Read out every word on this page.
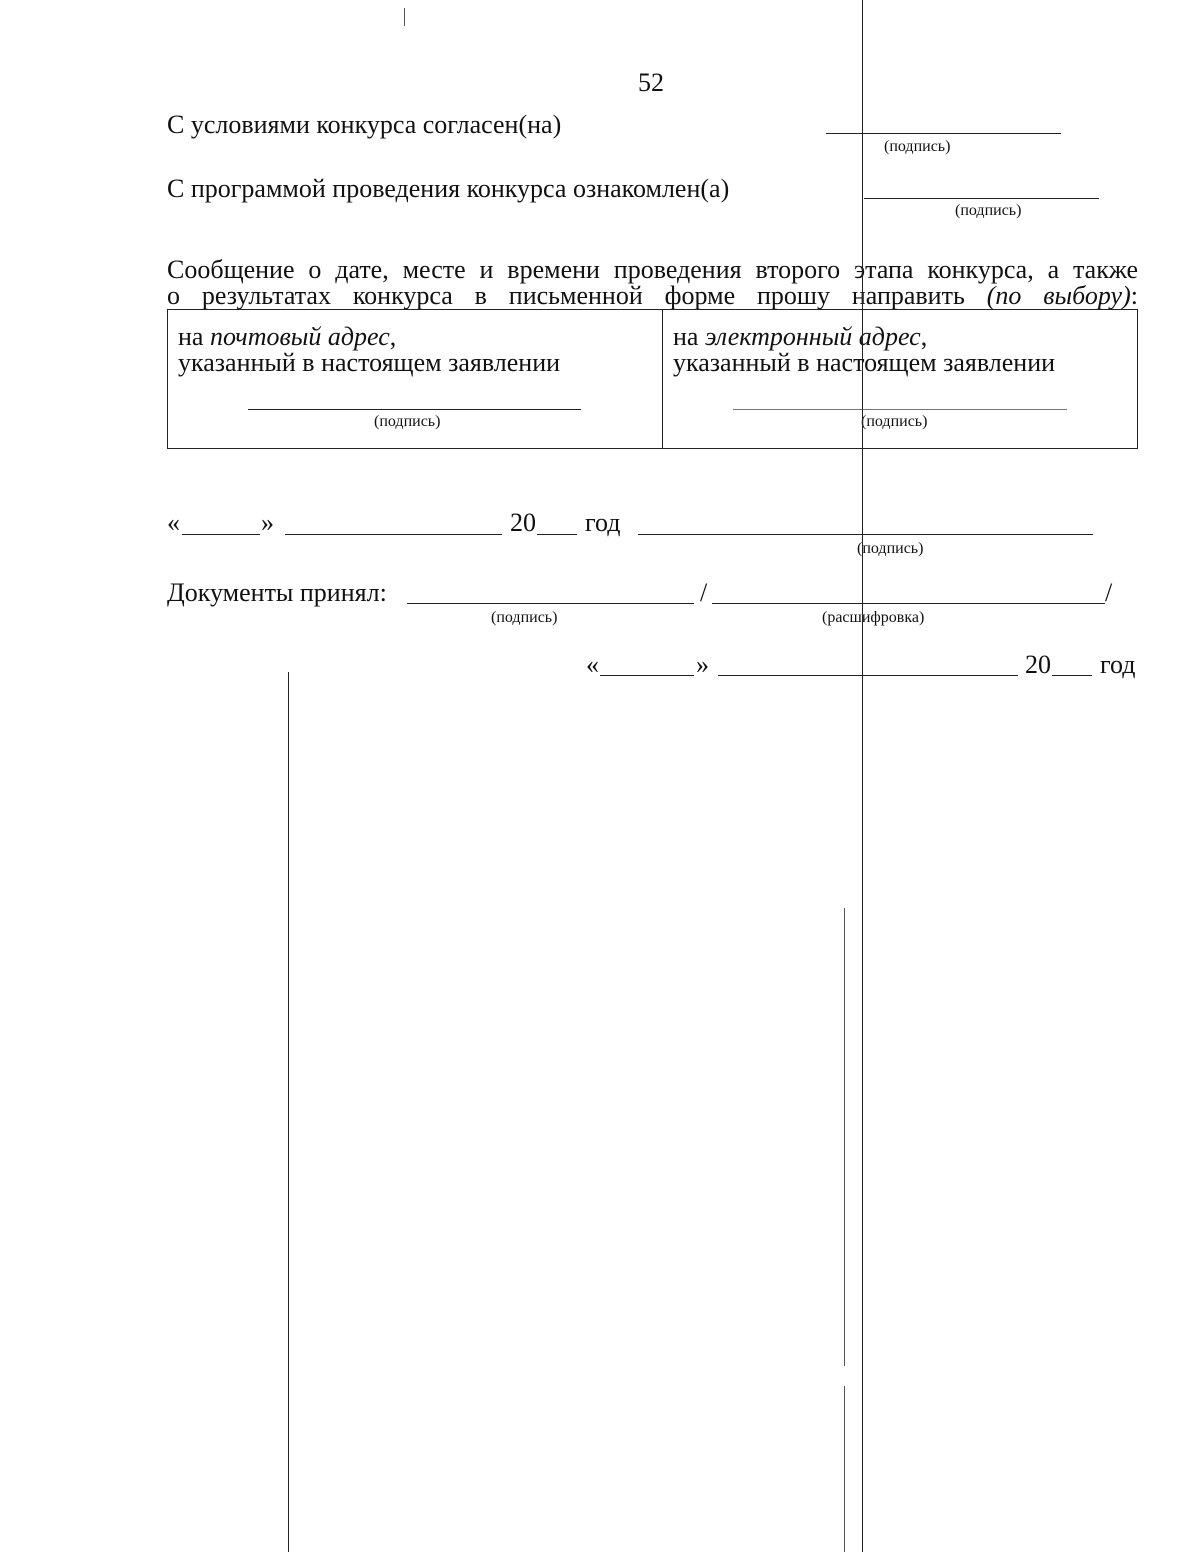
52
С условиями конкурса согласен(на)
(подпись)
С программой проведения конкурса ознакомлен(а)
(подпись)
Сообщение о дате, месте и времени проведения второго этапа конкурса, а также
о результатах конкурса в письменной форме прошу направить (по выбору):
на почтовый адрес,
указанный в настоящем заявлении
(подпись)
на электронный адрес,
указанный в настоящем заявлении
(подпись)
«	»	20 год
(подпись)
Документы принял:	/	/
(подпись)	(расшифровка)
«	»	20 год
